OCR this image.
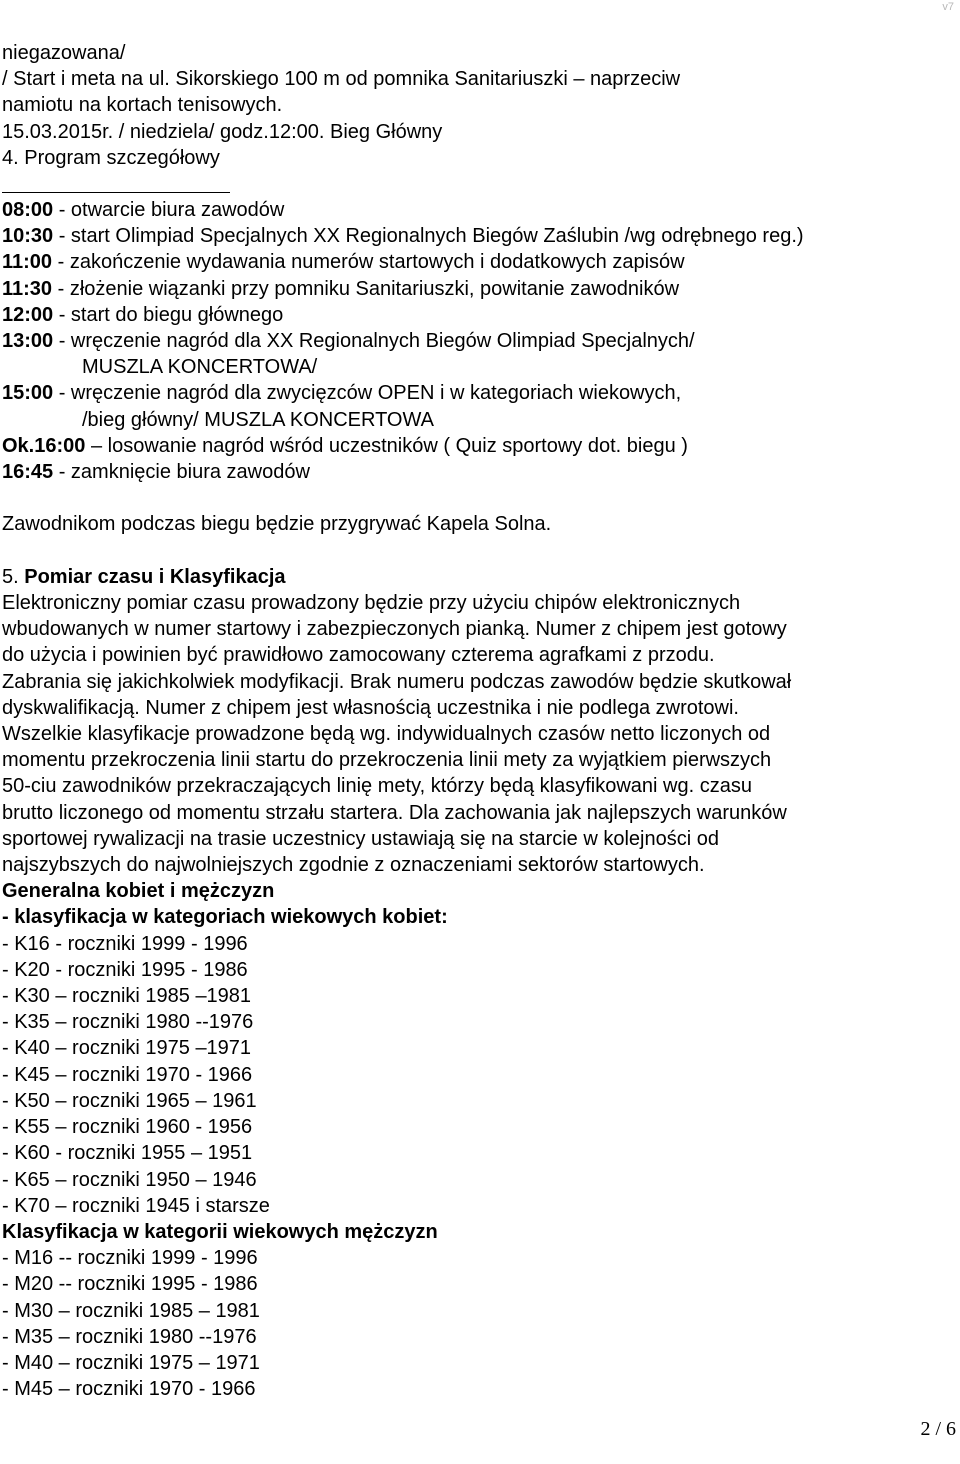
v7
niegazowana/
/ Start i meta na ul. Sikorskiego 100 m od pomnika Sanitariuszki – naprzeciw
namiotu na kortach tenisowych.
15.03.2015r. / niedziela/ godz.12:00. Bieg Główny
4. Program szczegółowy
08:00 - otwarcie biura zawodów
10:30 - start Olimpiad Specjalnych XX Regionalnych Biegów Zaślubin /wg odrębnego reg.)
11:00 - zakończenie wydawania numerów startowych i dodatkowych zapisów
11:30 - złożenie wiązanki przy pomniku Sanitariuszki, powitanie zawodników
12:00 - start do biegu głównego
13:00 - wręczenie nagród dla XX Regionalnych Biegów Olimpiad Specjalnych/
MUSZLA KONCERTOWA/
15:00 - wręczenie nagród dla zwycięzców OPEN i w kategoriach wiekowych,
/bieg główny/ MUSZLA KONCERTOWA
Ok.16:00 – losowanie nagród wśród uczestników ( Quiz sportowy dot. biegu )
16:45 - zamknięcie biura zawodów
Zawodnikom podczas biegu będzie przygrywać Kapela Solna.
5. Pomiar czasu i Klasyfikacja
Elektroniczny pomiar czasu prowadzony będzie przy użyciu chipów elektronicznych
wbudowanych w numer startowy i zabezpieczonych pianką. Numer z chipem jest gotowy
do użycia i powinien być prawidłowo zamocowany czterema agrafkami z przodu.
Zabrania się jakichkolwiek modyfikacji. Brak numeru podczas zawodów będzie skutkował
dyskwalifikacją. Numer z chipem jest własnością uczestnika i nie podlega zwrotowi.
Wszelkie klasyfikacje prowadzone będą wg. indywidualnych czasów netto liczonych od
momentu przekroczenia linii startu do przekroczenia linii mety za wyjątkiem pierwszych
50-ciu zawodników przekraczających linię mety, którzy będą klasyfikowani wg. czasu
brutto liczonego od momentu strzału startera. Dla zachowania jak najlepszych warunków
sportowej rywalizacji na trasie uczestnicy ustawiają się na starcie w kolejności od
najszybszych do najwolniejszych zgodnie z oznaczeniami sektorów startowych.
Generalna kobiet i mężczyzn
- klasyfikacja w kategoriach wiekowych kobiet:
- K16 - roczniki 1999 - 1996
- K20 - roczniki 1995 - 1986
- K30 – roczniki 1985 –1981
- K35 – roczniki 1980 --1976
- K40 – roczniki 1975 –1971
- K45 – roczniki 1970 - 1966
- K50 – roczniki 1965 – 1961
- K55 – roczniki 1960 - 1956
- K60 - roczniki 1955 – 1951
- K65 – roczniki 1950 – 1946
- K70 – roczniki 1945 i starsze
Klasyfikacja w kategorii wiekowych mężczyzn
- M16 -- roczniki 1999 - 1996
- M20 -- roczniki 1995 - 1986
- M30 – roczniki 1985 – 1981
- M35 – roczniki 1980 --1976
- M40 – roczniki 1975 – 1971
- M45 – roczniki 1970 - 1966
2 / 6
